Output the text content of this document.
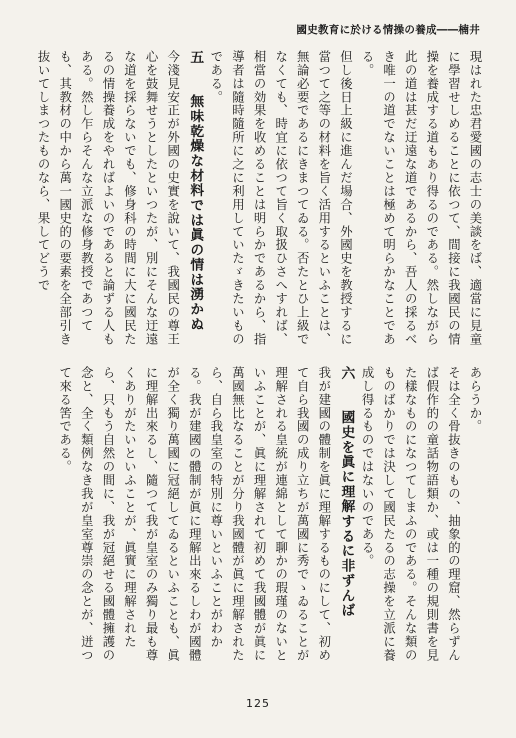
國史教育に於ける情操の養成――楠井

現はれた忠君愛國の志士の美談をば、適當に見童に學習せしめることに依つて、間接に我國民の情操を養成する道もあり得るのである。然しながら此の道は甚だ迂遠な道であるから、吾人の採るべき唯一の道でないことは極めて明らかなことである。

但し後日上級に進んだ場合、外國史を教授するに當つて之等の材料を旨く活用するといふことは、無論必要であるにきまつてゐる。否たとひ上級でなくても、時宜に依つて旨く取扱ひさへすれば、相當の効果を收めることは明らかであるから、指導者は隨時隨所に之に利用していたゞきたいものである。

五 無味乾燥な材料では眞の情は湧かぬ

今淺見安正が外國の史實を說いて、我國民の尊王心を鼓舞せうとしたといつたが、別にそんな迂遠な道を採らないでも、修身科の時間に大に國民たるの情操養成をやればよいのであると論ずる人もある。然し乍らそんな立派な修身教授であつても、其教材の中から萬一國史的の要素を全部引き抜いてしまつたものなら、果してどうで

あらうか。

そは全く骨抜きのもの、抽象的の理窟、然らずんば假作的の童話物語類か、或は一種の規則書を見た樣なものになつてしまふのである。そんな類のものばかりでは決して國民たるの志操を立派に養成し得るものではないのである。

六 國史を眞に理解するに非ずんば

我が建國の體制を眞に理解するものにして、初めて自ら我國の成り立ちが萬國に秀でゝゐることが理解される皇統が連綿として聊かの瑕瑾のないといふことが、眞に理解されて初めて我國體が眞に萬國無比なることが分り我國體が眞に理解されたら、自ら我皇室の特別に尊いといふことがわかる。我が建國の體制が眞に理解出來るしわが國體が全く獨り萬國に冠絕してゐるといふことも、眞に理解出來るし、隨つて我が皇室のみ獨り最も尊くありがたいといふことが、眞實に理解されたら、只もう自然の間に、我が冠絕せる國體擁護の念と、全く類例なき我が皇室尊崇の念とが、迸つて來る筈である。

125
